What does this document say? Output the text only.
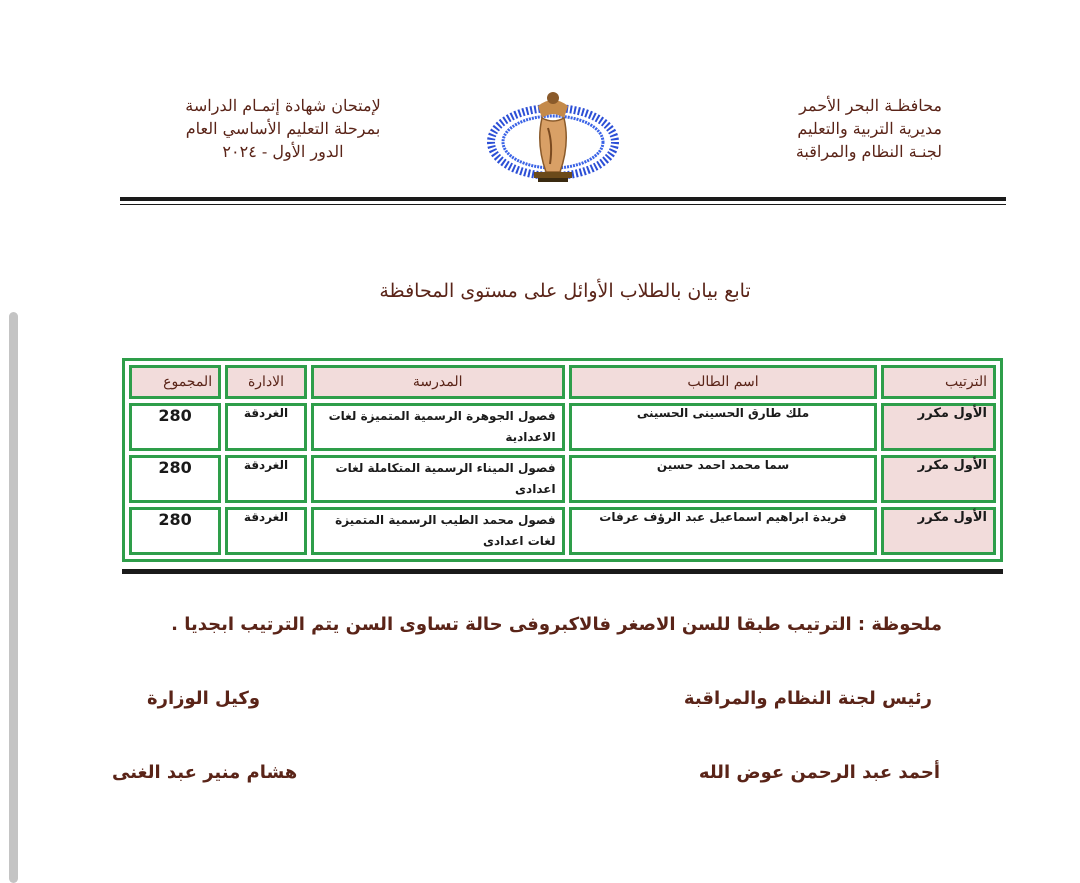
محافظـة البحر الأحمر
مديرية التربية والتعليم
لجنـة النظام والمراقبة
لإمتحان شهادة إتمـام الدراسة
بمرحلة التعليم الأساسي العام
الدور الأول - ٢٠٢٤
تابع بيان بالطلاب الأوائل على مستوى المحافظة
الترتيب	اسم الطالب	المدرسة	الادارة	المجموع
الأول مكرر	ملك طارق الحسينى الحسينى	فصول الجوهرة الرسمية المتميزة لغات الاعدادية	الغردقة	280
الأول مكرر	سما محمد احمد حسين	فصول الميناء الرسمية المتكاملة لغات اعدادى	الغردقة	280
الأول مكرر	فريدة ابراهيم اسماعيل عبد الرؤف عرفات	فصول محمد الطيب الرسمية المتميزة لغات اعدادى	الغردقة	280
ملحوظة : الترتيب طبقا للسن الاصغر فالاكبروفى حالة تساوى السن يتم الترتيب ابجديا .
رئيس لجنة النظام والمراقبة
أحمد عبد الرحمن عوض الله
وكيل الوزارة
هشام منير عبد الغنى
